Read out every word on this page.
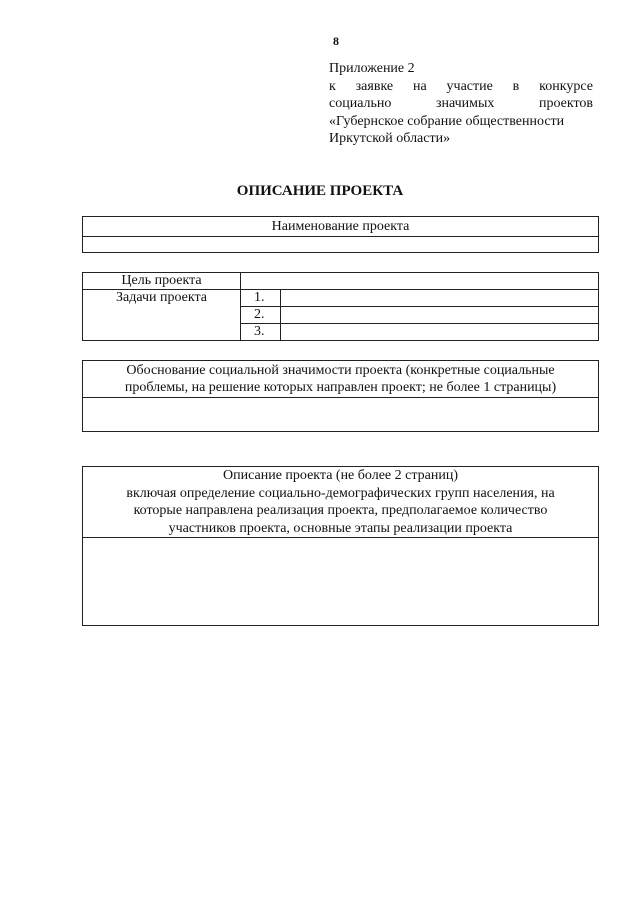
8
Приложение 2
к заявке на участие в конкурсе
социально	значимых	проектов
«Губернское собрание общественности
Иркутской области»
ОПИСАНИЕ ПРОЕКТА
Наименование проекта

Цель проекта		
Задачи проекта	1.	
	2.	
	3.	
Обоснование социальной значимости проекта (конкретные социальные
проблемы, на решение которых направлен проект; не более 1 страницы)

Описание проекта (не более 2 страниц)
включая определение социально-демографических групп населения, на
которые направлена реализация проекта, предполагаемое количество
участников проекта, основные этапы реализации проекта
